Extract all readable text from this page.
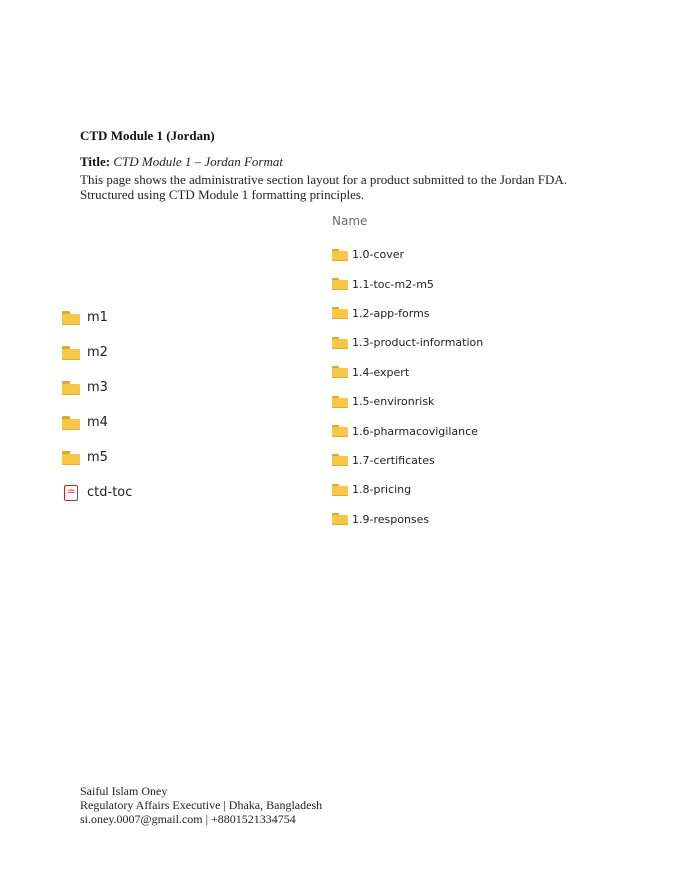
CTD Module 1 (Jordan)
Title: CTD Module 1 – Jordan Format
This page shows the administrative section layout for a product submitted to the Jordan FDA. Structured using CTD Module 1 formatting principles.
m1
m2
m3
m4
m5
♒ ctd-toc
Name
1.0-cover
1.1-toc-m2-m5
1.2-app-forms
1.3-product-information
1.4-expert
1.5-environrisk
1.6-pharmacovigilance
1.7-certificates
1.8-pricing
1.9-responses
Saiful Islam Oney
Regulatory Affairs Executive | Dhaka, Bangladesh
si.oney.0007@gmail.com | +8801521334754
